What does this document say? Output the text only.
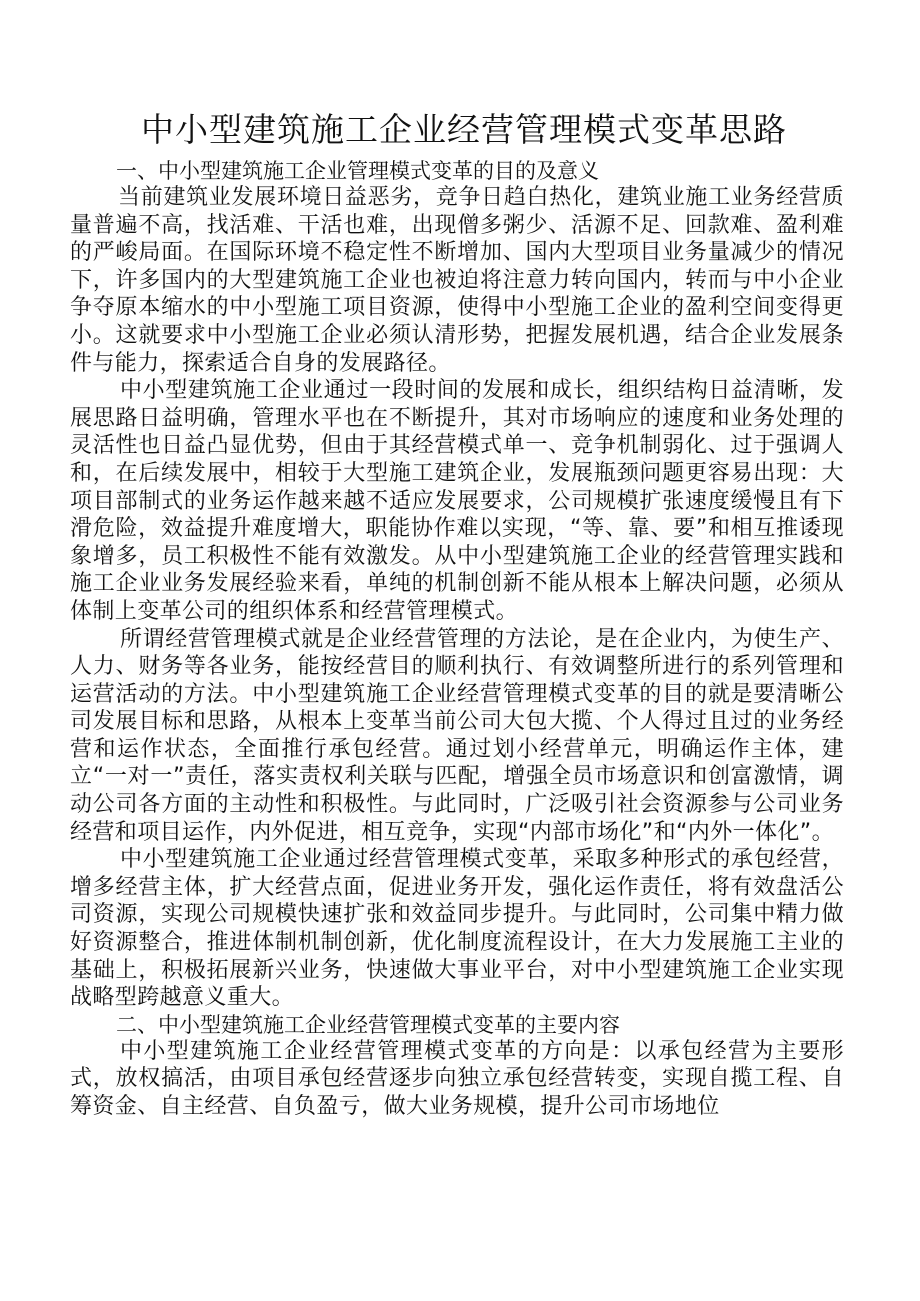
中小型建筑施工企业经营管理模式变革思路

一、中小型建筑施工企业管理模式变革的目的及意义

当前建筑业发展环境日益恶劣，竞争日趋白热化，建筑业施工业务经营质量普遍不高，找活难、干活也难，出现僧多粥少、活源不足、回款难、盈利难的严峻局面。在国际环境不稳定性不断增加、国内大型项目业务量减少的情况下，许多国内的大型建筑施工企业也被迫将注意力转向国内，转而与中小企业争夺原本缩水的中小型施工项目资源，使得中小型施工企业的盈利空间变得更小。这就要求中小型施工企业必须认清形势，把握发展机遇，结合企业发展条件与能力，探索适合自身的发展路径。

中小型建筑施工企业通过一段时间的发展和成长，组织结构日益清晰，发展思路日益明确，管理水平也在不断提升，其对市场响应的速度和业务处理的灵活性也日益凸显优势，但由于其经营模式单一、竞争机制弱化、过于强调人和，在后续发展中，相较于大型施工建筑企业，发展瓶颈问题更容易出现：大项目部制式的业务运作越来越不适应发展要求，公司规模扩张速度缓慢且有下滑危险，效益提升难度增大，职能协作难以实现，“等、靠、要”和相互推诿现象增多，员工积极性不能有效激发。从中小型建筑施工企业的经营管理实践和施工企业业务发展经验来看，单纯的机制创新不能从根本上解决问题，必须从体制上变革公司的组织体系和经营管理模式。

所谓经营管理模式就是企业经营管理的方法论，是在企业内，为使生产、人力、财务等各业务，能按经营目的顺利执行、有效调整所进行的系列管理和运营活动的方法。中小型建筑施工企业经营管理模式变革的目的就是要清晰公司发展目标和思路，从根本上变革当前公司大包大揽、个人得过且过的业务经营和运作状态，全面推行承包经营。通过划小经营单元，明确运作主体，建立“一对一”责任，落实责权利关联与匹配，增强全员市场意识和创富激情，调动公司各方面的主动性和积极性。与此同时，广泛吸引社会资源参与公司业务经营和项目运作，内外促进，相互竞争，实现“内部市场化”和“内外一体化”。

中小型建筑施工企业通过经营管理模式变革，采取多种形式的承包经营，增多经营主体，扩大经营点面，促进业务开发，强化运作责任，将有效盘活公司资源，实现公司规模快速扩张和效益同步提升。与此同时，公司集中精力做好资源整合，推进体制机制创新，优化制度流程设计，在大力发展施工主业的基础上，积极拓展新兴业务，快速做大事业平台，对中小型建筑施工企业实现战略型跨越意义重大。

二、中小型建筑施工企业经营管理模式变革的主要内容

中小型建筑施工企业经营管理模式变革的方向是：以承包经营为主要形式，放权搞活，由项目承包经营逐步向独立承包经营转变，实现自揽工程、自筹资金、自主经营、自负盈亏，做大业务规模，提升公司市场地位
